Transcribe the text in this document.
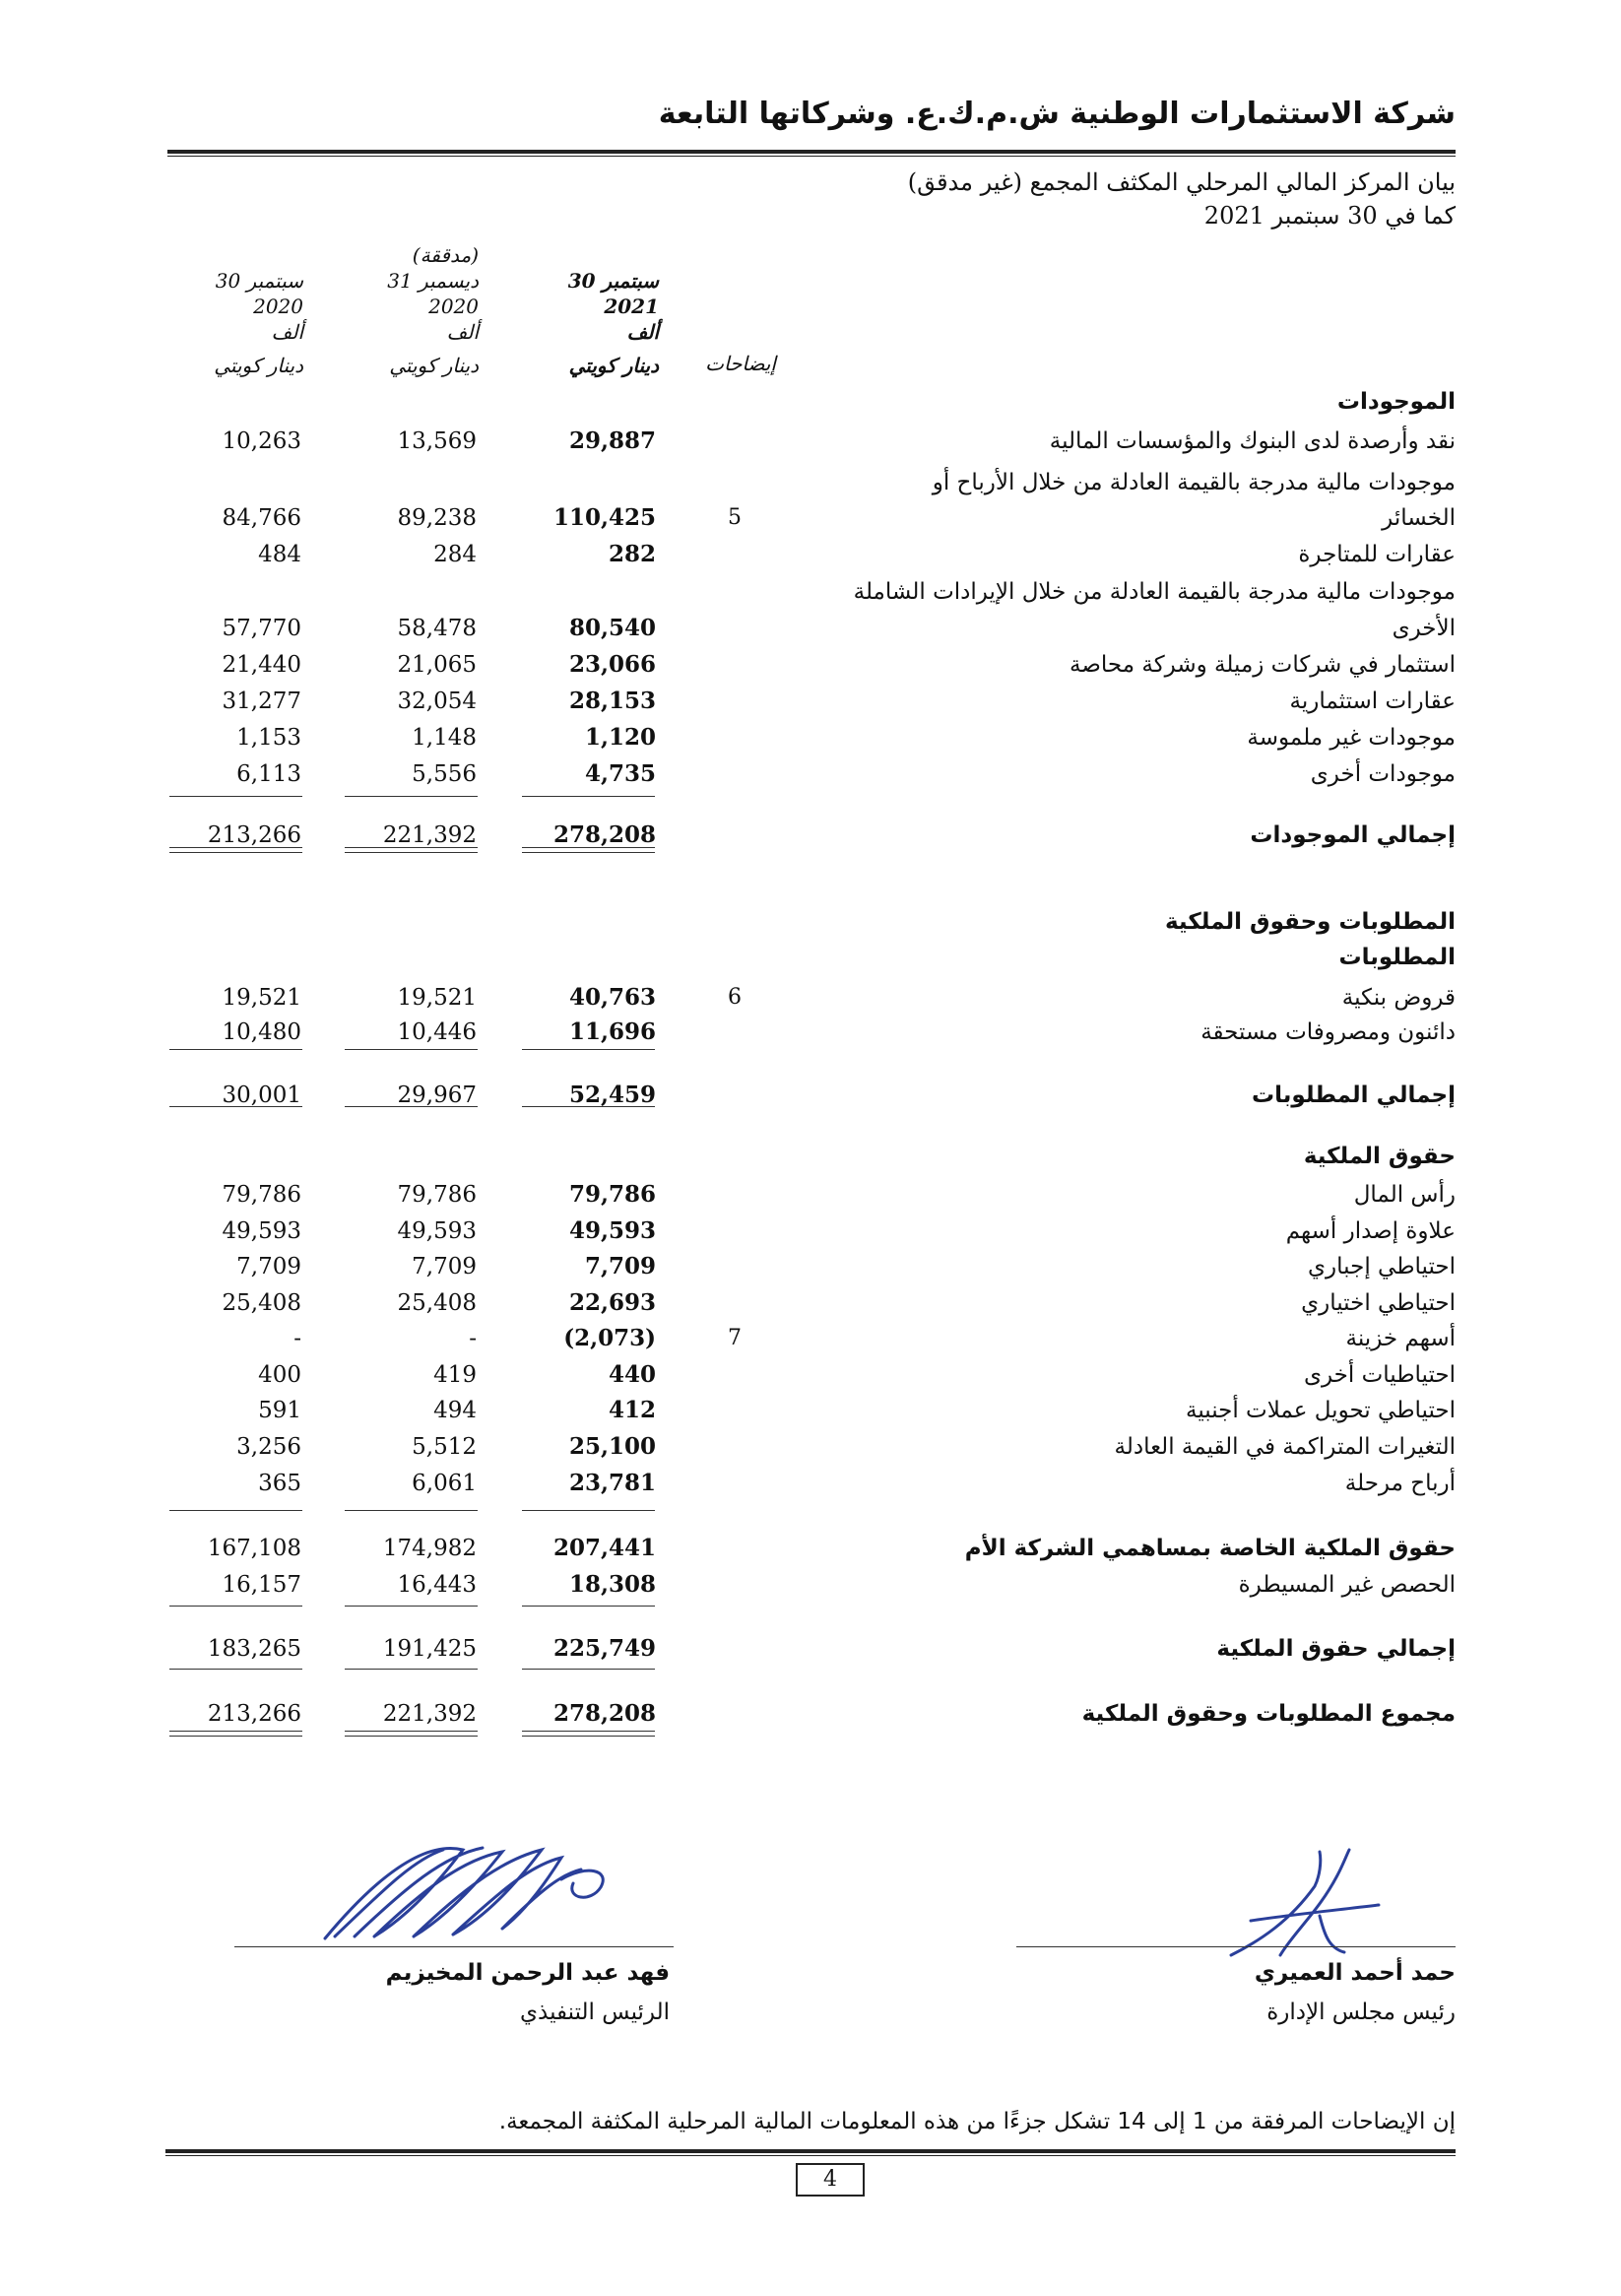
شركة الاستثمارات الوطنية ش.م.ك.ع. وشركاتها التابعة
بيان المركز المالي المرحلي المكثف المجمع (غير مدقق)
كما في 30 سبتمبر 2021
(مدققة)
30 سبتمبر
2021
ألف
دينار كويتي
31 ديسمبر
2020
ألف
دينار كويتي
30 سبتمبر
2020
ألف
دينار كويتي	إيضاحات
الموجودات
نقد وأرصدة لدى البنوك والمؤسسات المالية
29,887
13,569
10,263
موجودات مالية مدرجة بالقيمة العادلة من خلال الأرباح أو
الخسائر
5
110,425
89,238
84,766
عقارات للمتاجرة
282
284
484
موجودات مالية مدرجة بالقيمة العادلة من خلال الإيرادات الشاملة
الأخرى
80,540
58,478
57,770
استثمار في شركات زميلة وشركة محاصة
23,066
21,065
21,440
عقارات استثمارية
28,153
32,054
31,277
موجودات غير ملموسة
1,120
1,148
1,153
موجودات أخرى
4,735
5,556
6,113
إجمالي الموجودات
278,208
221,392
213,266
المطلوبات وحقوق الملكية
المطلوبات
قروض بنكية
6
40,763
19,521
19,521
دائنون ومصروفات مستحقة
11,696
10,446
10,480
إجمالي المطلوبات
52,459
29,967
30,001
حقوق الملكية
رأس المال
79,786
79,786
79,786
علاوة إصدار أسهم
49,593
49,593
49,593
احتياطي إجباري
7,709
7,709
7,709
احتياطي اختياري
22,693
25,408
25,408
أسهم خزينة
7
(2,073)
-
-
احتياطيات أخرى
440
419
400
احتياطي تحويل عملات أجنبية
412
494
591
التغيرات المتراكمة في القيمة العادلة
25,100
5,512
3,256
أرباح مرحلة
23,781
6,061
365
حقوق الملكية الخاصة بمساهمي الشركة الأم
207,441
174,982
167,108
الحصص غير المسيطرة
18,308
16,443
16,157
إجمالي حقوق الملكية
225,749
191,425
183,265
مجموع المطلوبات وحقوق الملكية
278,208
221,392
213,266
حمد أحمد العميري
رئيس مجلس الإدارة
فهد عبد الرحمن المخيزيم
الرئيس التنفيذي
إن الإيضاحات المرفقة من 1 إلى 14 تشكل جزءًا من هذه المعلومات المالية المرحلية المكثفة المجمعة.
4
